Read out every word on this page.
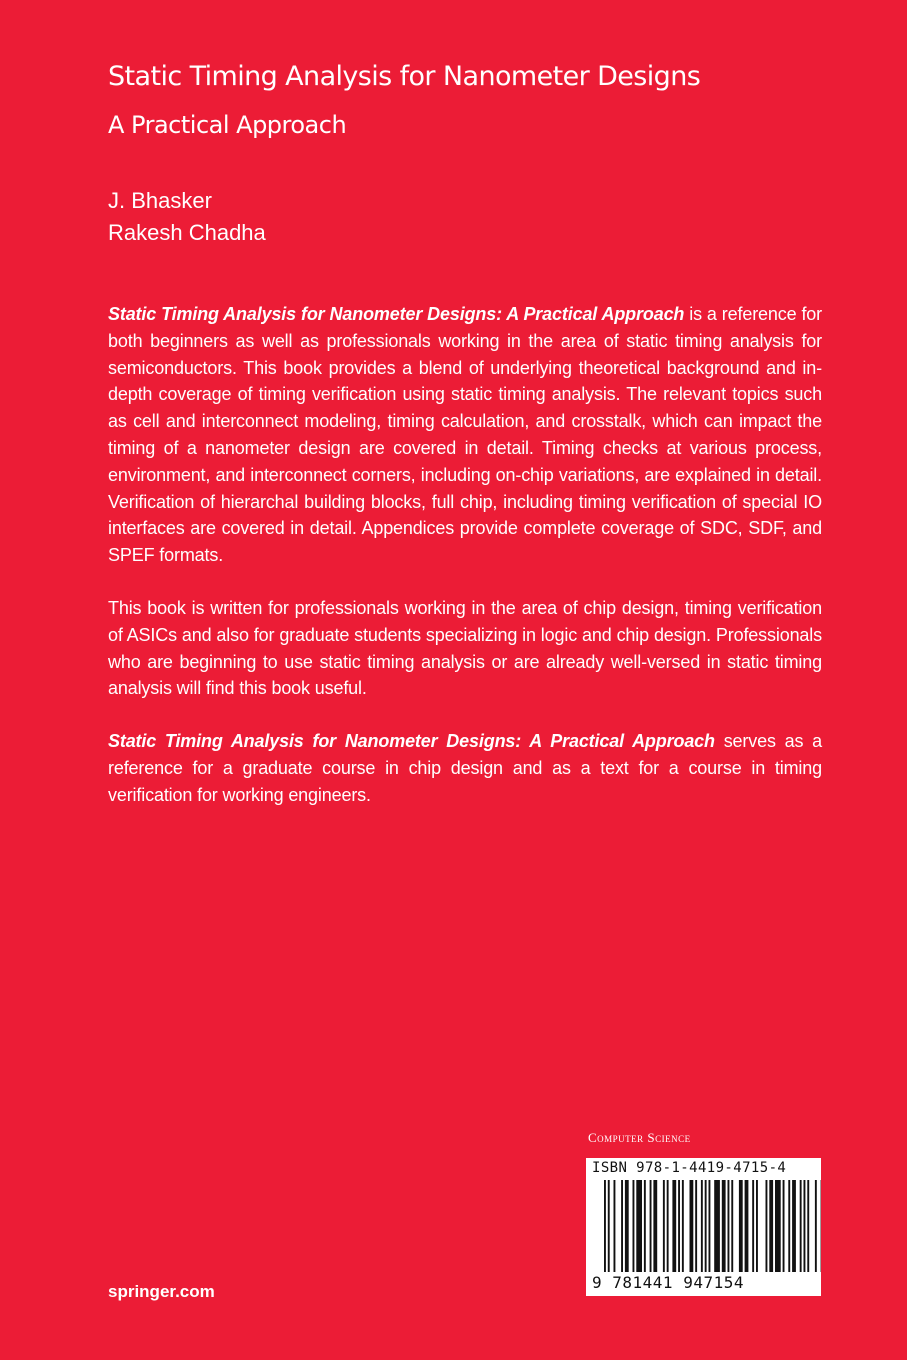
Static Timing Analysis for Nanometer Designs
A Practical Approach
J. Bhasker
Rakesh Chadha

Static Timing Analysis for Nanometer Designs: A Practical Approach is a reference for both beginners as well as professionals working in the area of static timing analysis for semiconductors. This book provides a blend of underlying theoretical background and in-depth coverage of timing verification using static timing analysis. The relevant topics such as cell and interconnect modeling, timing calculation, and crosstalk, which can impact the timing of a nanometer design are covered in detail. Timing checks at various process, environment, and interconnect corners, including on-chip variations, are explained in detail. Verification of hierarchal building blocks, full chip, including timing verification of special IO interfaces are covered in detail. Appendices provide complete coverage of SDC, SDF, and SPEF formats.

This book is written for professionals working in the area of chip design, timing verification of ASICs and also for graduate students specializing in logic and chip design. Professionals who are beginning to use static timing analysis or are already well-versed in static timing analysis will find this book useful.

Static Timing Analysis for Nanometer Designs: A Practical Approach serves as a reference for a graduate course in chip design and as a text for a course in timing verification for working engineers.

Computer Science
ISBN 978-1-4419-4715-4
9 781441 947154
springer.com
